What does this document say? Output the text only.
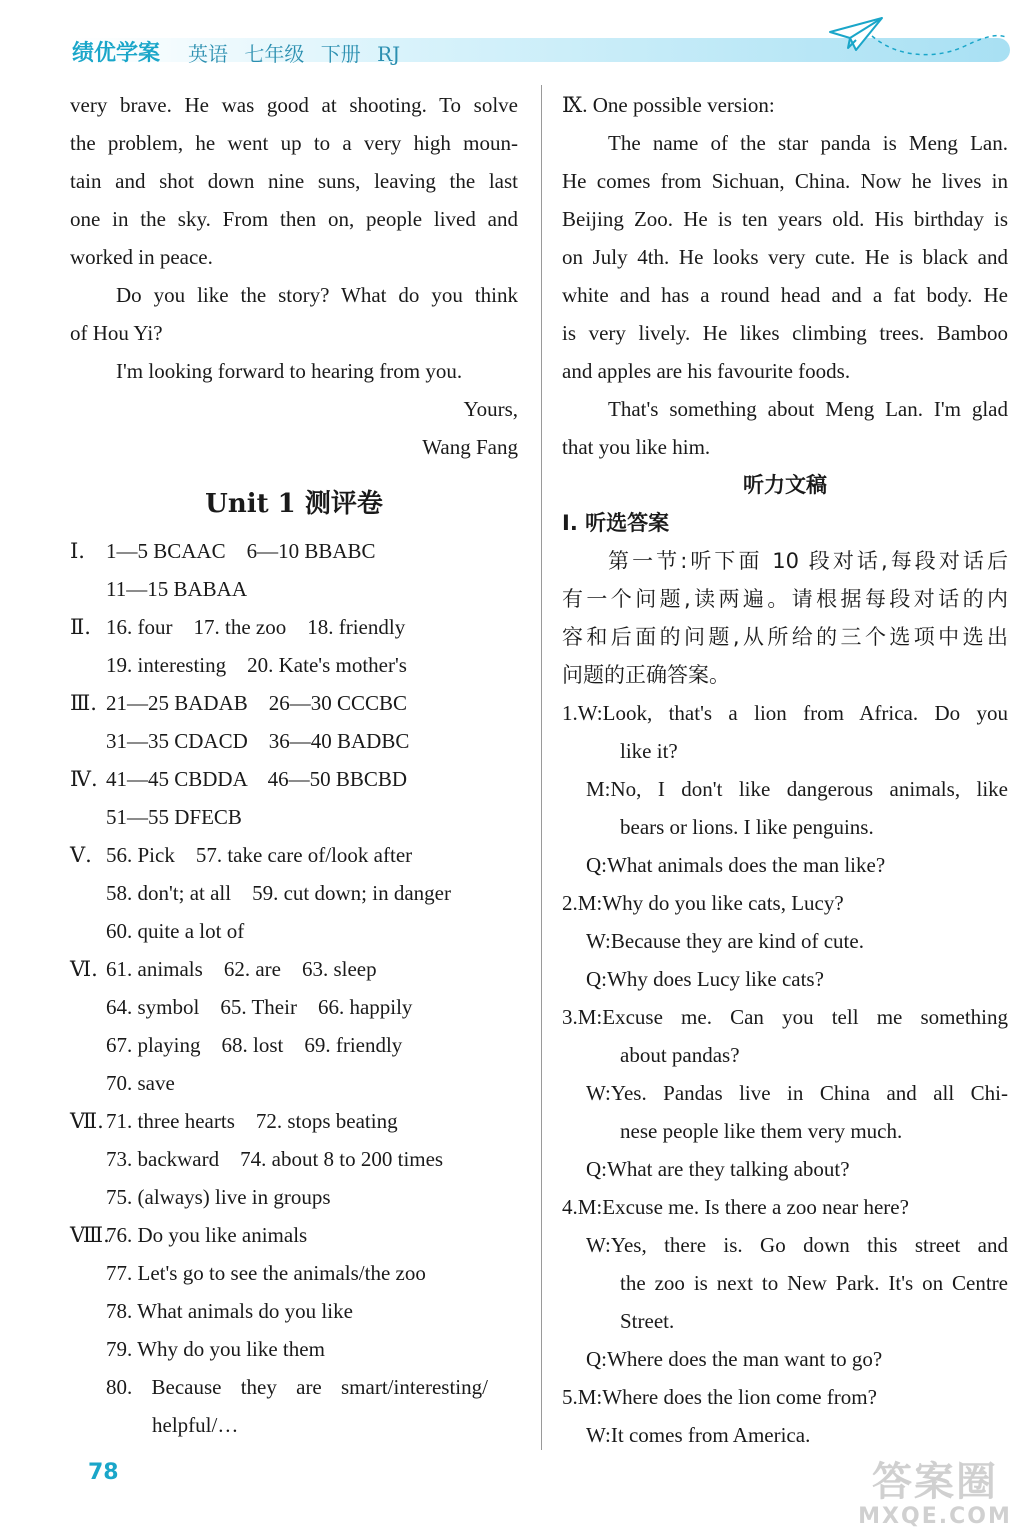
绩优学案 英语 七年级 下册 RJ
very brave. He was good at shooting. To solve
the problem, he went up to a very high moun-
tain and shot down nine suns, leaving the last
one in the sky. From then on, people lived and
worked in peace.
Do you like the story? What do you think
of Hou Yi?
I'm looking forward to hearing from you.
Yours,
Wang Fang
Unit 1 测评卷
Ⅰ.	1—5 BCAAC    6—10 BBABC
11—15 BABAA
Ⅱ. 16. four    17. the zoo    18. friendly
19. interesting    20. Kate's mother's
Ⅲ. 21—25 BADAB    26—30 CCCBC
31—35 CDACD    36—40 BADBC
Ⅳ. 41—45 CBDDA    46—50 BBCBD
51—55 DFECB
Ⅴ. 56. Pick    57. take care of/look after
58. don't; at all    59. cut down; in danger
60. quite a lot of
Ⅵ. 61. animals    62. are    63. sleep
64. symbol    65. Their    66. happily
67. playing    68. lost    69. friendly
70. save
Ⅶ. 71. three hearts    72. stops beating
73. backward    74. about 8 to 200 times
75. (always) live in groups
Ⅷ.
76. Do you like animals
77. Let's go to see the animals/the zoo
78. What animals do you like
79. Why do you like them
80. Because they are smart/interesting/
helpful/…
Ⅸ. One possible version:
The name of the star panda is Meng Lan.
He comes from Sichuan, China. Now he lives in
Beijing Zoo. He is ten years old. His birthday is
on July 4th. He looks very cute. He is black and
white and has a round head and a fat body. He
is very lively. He likes climbing trees. Bamboo
and apples are his favourite foods.
That's something about Meng Lan. I'm glad
that you like him.
听力文稿
Ⅰ. 听选答案
第一节:听下面 10 段对话,每段对话后
有一个问题,读两遍。请根据每段对话的内
容和后面的问题,从所给的三个选项中选出
问题的正确答案。
1. W: Look, that's a lion from Africa. Do you
like it?
M: No, I don't like dangerous animals, like
bears or lions. I like penguins.
Q: What animals does the man like?
2. M: Why do you like cats, Lucy?
W: Because they are kind of cute.
Q: Why does Lucy like cats?
3. M: Excuse me. Can you tell me something
about pandas?
W: Yes. Pandas live in China and all Chi-
nese people like them very much.
Q: What are they talking about?
4. M: Excuse me. Is there a zoo near here?
W: Yes, there is. Go down this street and
the zoo is next to New Park. It's on Centre
Street.
Q: Where does the man want to go?
5. M: Where does the lion come from?
W: It comes from America.
78	答案圈
MXQE.COM
